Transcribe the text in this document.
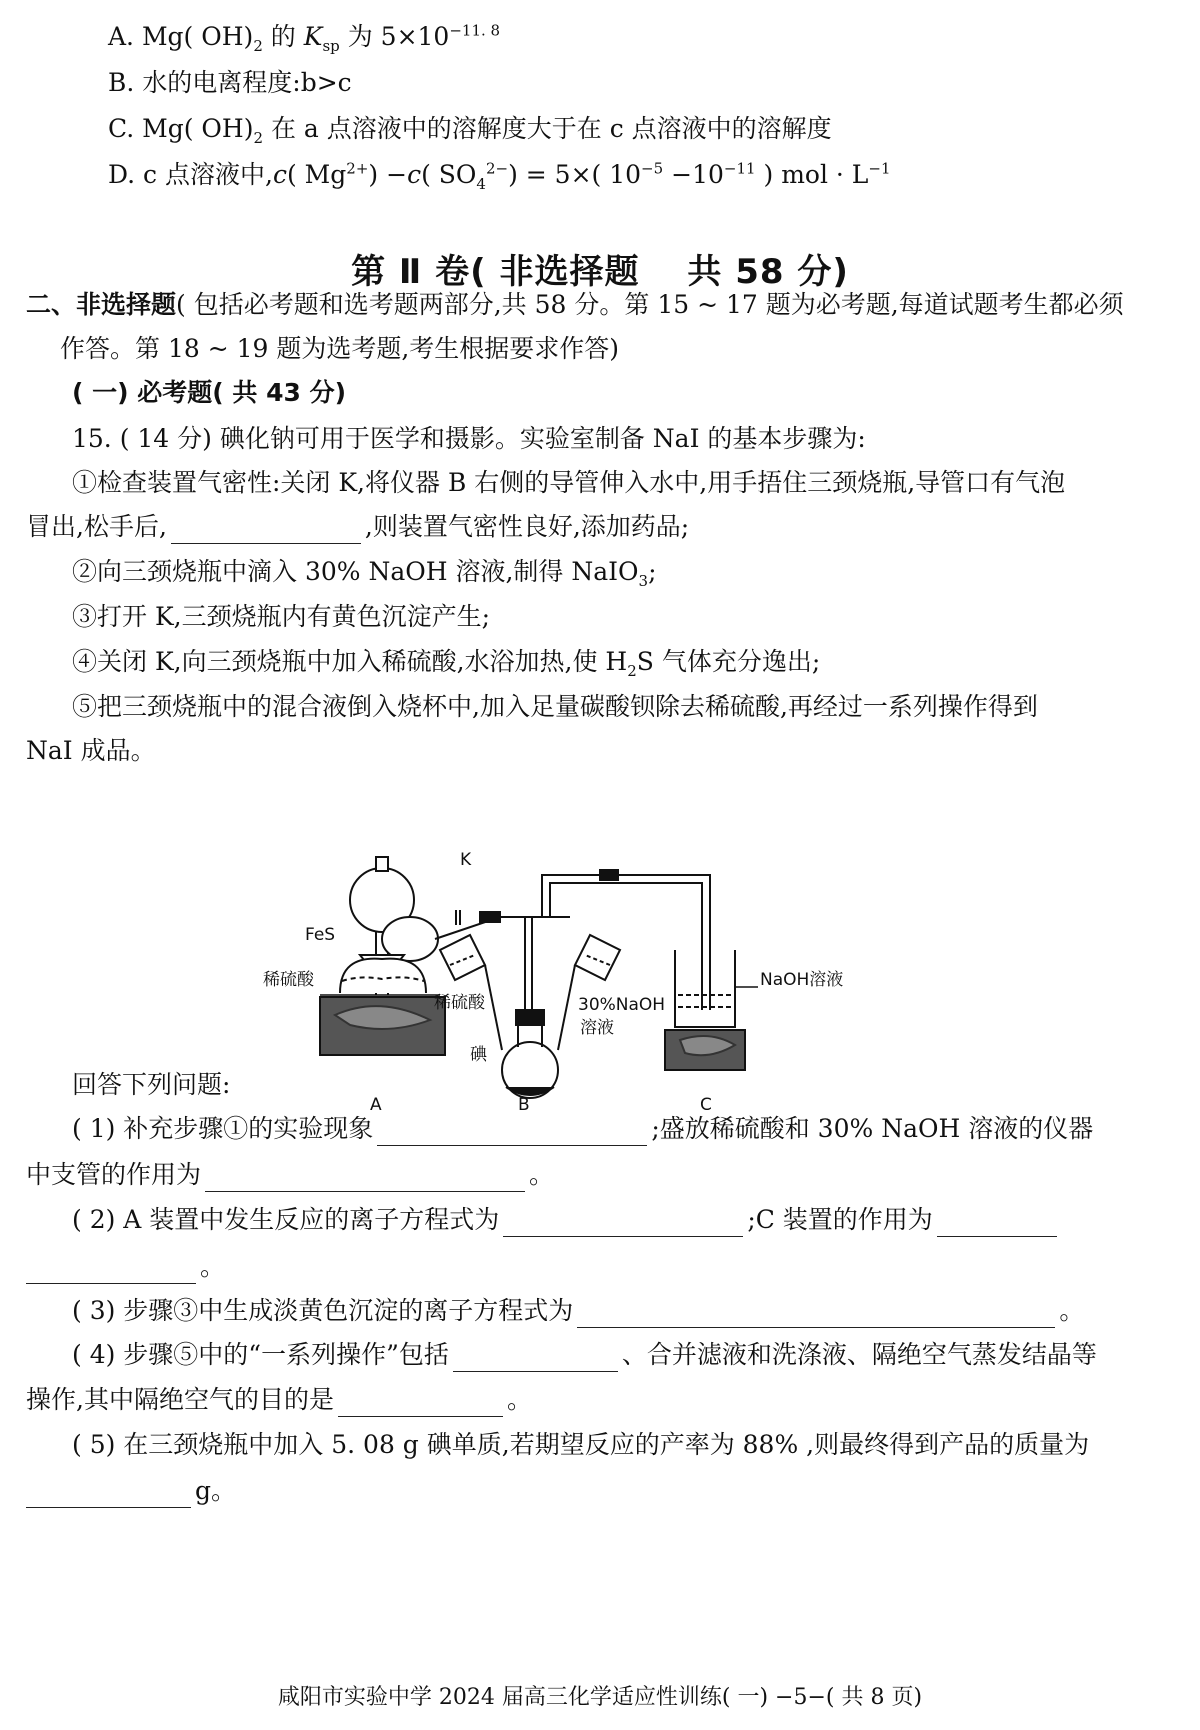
A. Mg( $OH)_2$ 的 $K_{sp}$ 为 $5\times 10^{-11. 8}$
B. 水的电离程度:b>c
C. Mg( $OH)_2$ 在 a 点溶液中的溶解度大于在 c 点溶液中的溶解度
D. c 点溶液中,c( $Mg^{2+}) -c$( $SO_4^{2-}) = 5\times$( $10^{-5} -10^{-11}$ ) mol · $L^{-1}$
第 Ⅱ 卷( 非选择题　 共 58 分)
二、非选择题( 包括必考题和选考题两部分,共 58 分。第 15 ~ 17 题为必考题,每道试题考生都必须
作答。第 18 ~ 19 题为选考题,考生根据要求作答)
( 一) 必考题( 共 43 分)
15. ( 14 分) 碘化钠可用于医学和摄影。实验室制备 NaI 的基本步骤为:
①检查装置气密性:关闭 K,将仪器 B 右侧的导管伸入水中,用手捂住三颈烧瓶,导管口有气泡
冒出,松手后,	,则装置气密性良好,添加药品;
②向三颈烧瓶中滴入 30% NaOH 溶液,制得 NaIO$_3$;
③打开 K,三颈烧瓶内有黄色沉淀产生;
④关闭 K,向三颈烧瓶中加入稀硫酸,水浴加热,使 $H_2S$ 气体充分逸出;
⑤把三颈烧瓶中的混合液倒入烧杯中,加入足量碳酸钡除去稀硫酸,再经过一系列操作得到
NaI 成品。
K
FeS
稀硫酸
稀硫酸	30%NaOH
溶液
碘
NaOH溶液
A	B	C
回答下列问题:
( 1) 补充步骤①的实验现象	;盛放稀硫酸和 30% NaOH 溶液的仪器
中支管的作用为	。
( 2) A 装置中发生反应的离子方程式为	;C 装置的作用为
。
( 3) 步骤③中生成淡黄色沉淀的离子方程式为	。
( 4) 步骤⑤中的“一系列操作”包括	、合并滤液和洗涤液、隔绝空气蒸发结晶等
操作,其中隔绝空气的目的是	。
( 5) 在三颈烧瓶中加入 5. 08 g 碘单质,若期望反应的产率为 88% ,则最终得到产品的质量为
g。
咸阳市实验中学 2024 届高三化学适应性训练( 一) −5−( 共 8 页)
